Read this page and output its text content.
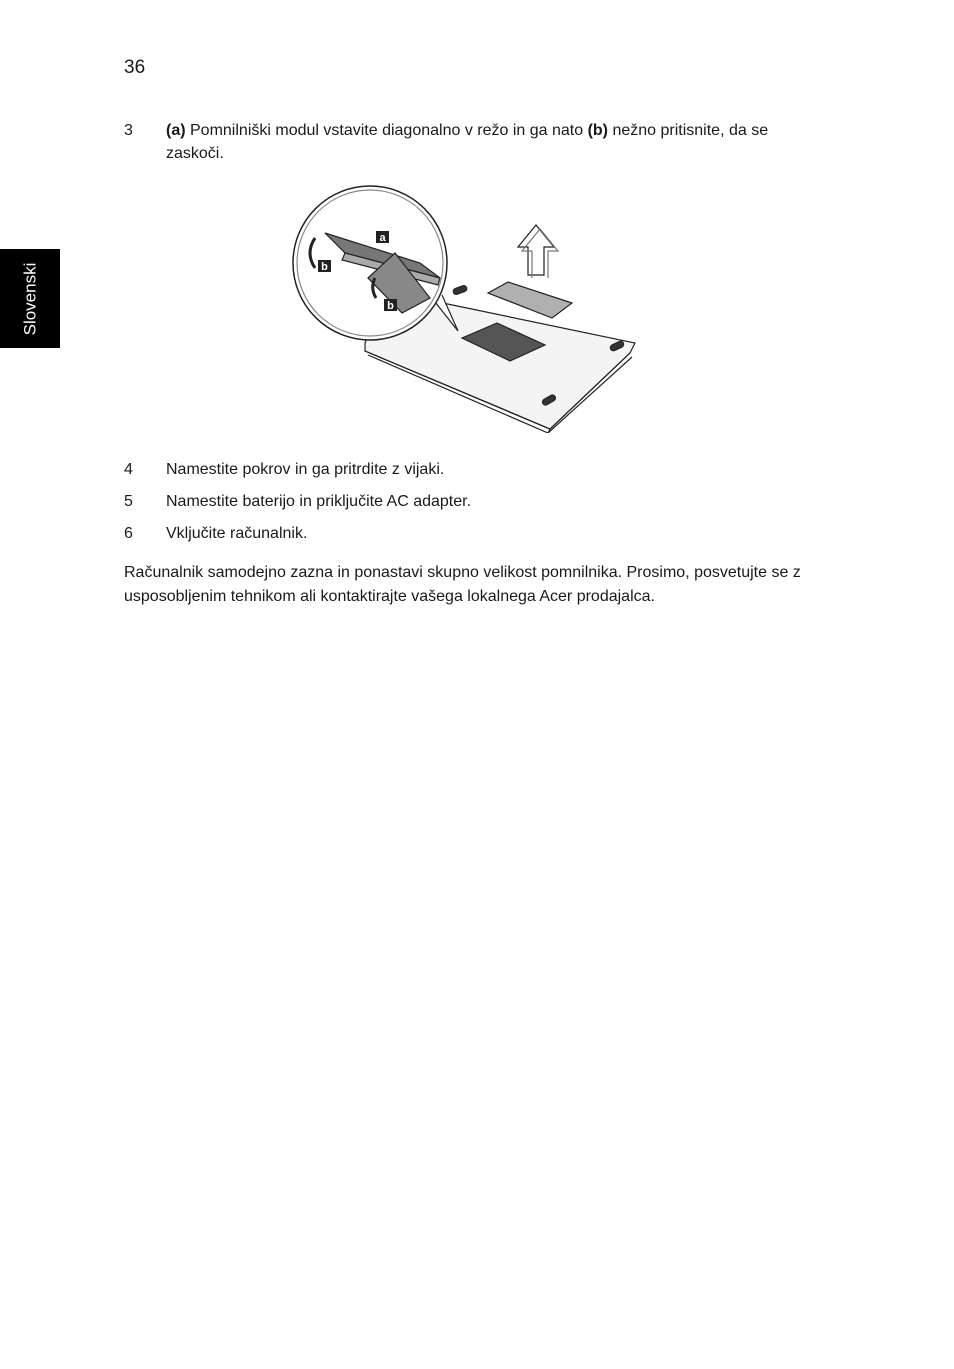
36
Slovenski
3 (a) Pomnilniški modul vstavite diagonalno v režo in ga nato (b) nežno pritisnite, da se zaskoči.
a
b
b
4 Namestite pokrov in ga pritrdite z vijaki.
5 Namestite baterijo in priključite AC adapter.
6 Vključite računalnik.
Računalnik samodejno zazna in ponastavi skupno velikost pomnilnika. Prosimo, posvetujte se z usposobljenim tehnikom ali kontaktirajte vašega lokalnega Acer prodajalca.
